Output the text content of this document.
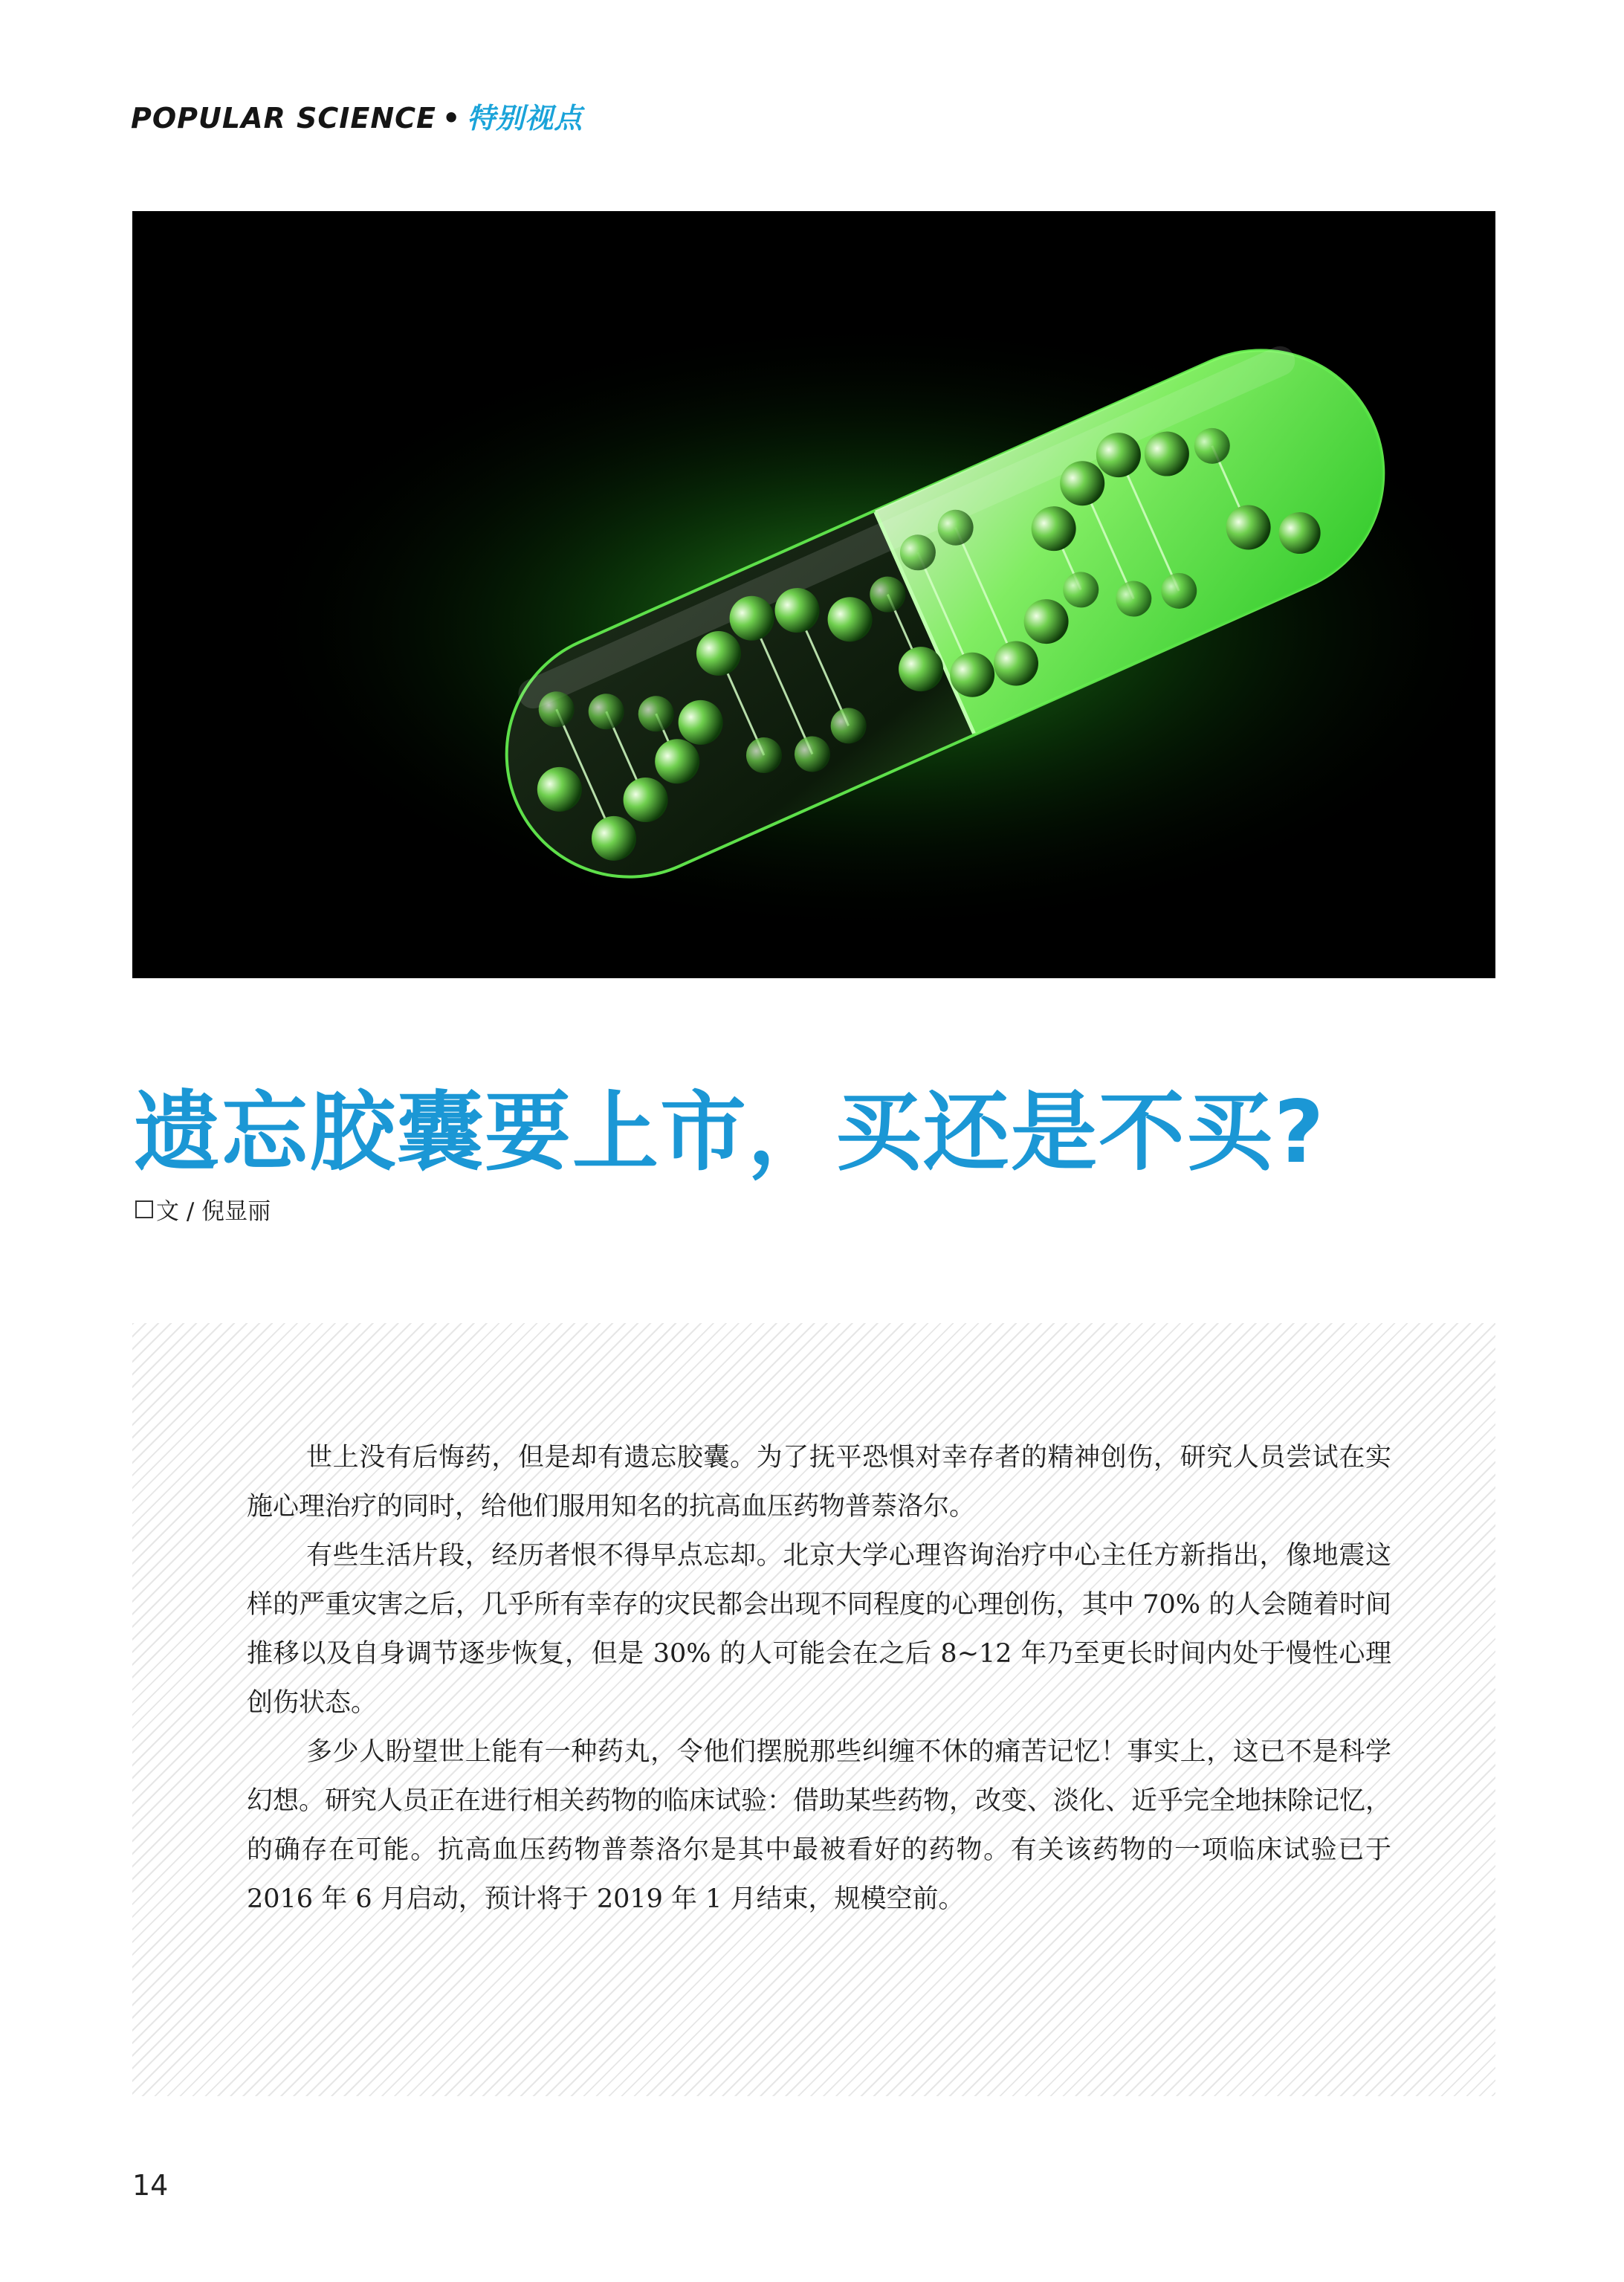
POPULAR SCIENCE • 特别视点
遗忘胶囊要上市，买还是不买?
文 / 倪显丽

世上没有后悔药，但是却有遗忘胶囊。为了抚平恐惧对幸存者的精神创伤，研究人员尝试在实施心理治疗的同时，给他们服用知名的抗高血压药物普萘洛尔。

有些生活片段，经历者恨不得早点忘却。北京大学心理咨询治疗中心主任方新指出，像地震这样的严重灾害之后，几乎所有幸存的灾民都会出现不同程度的心理创伤，其中 70% 的人会随着时间推移以及自身调节逐步恢复，但是 30% 的人可能会在之后 8~12 年乃至更长时间内处于慢性心理创伤状态。

多少人盼望世上能有一种药丸，令他们摆脱那些纠缠不休的痛苦记忆！事实上，这已不是科学幻想。研究人员正在进行相关药物的临床试验：借助某些药物，改变、淡化、近乎完全地抹除记忆，的确存在可能。抗高血压药物普萘洛尔是其中最被看好的药物。有关该药物的一项临床试验已于 2016 年 6 月启动，预计将于 2019 年 1 月结束，规模空前。

14
